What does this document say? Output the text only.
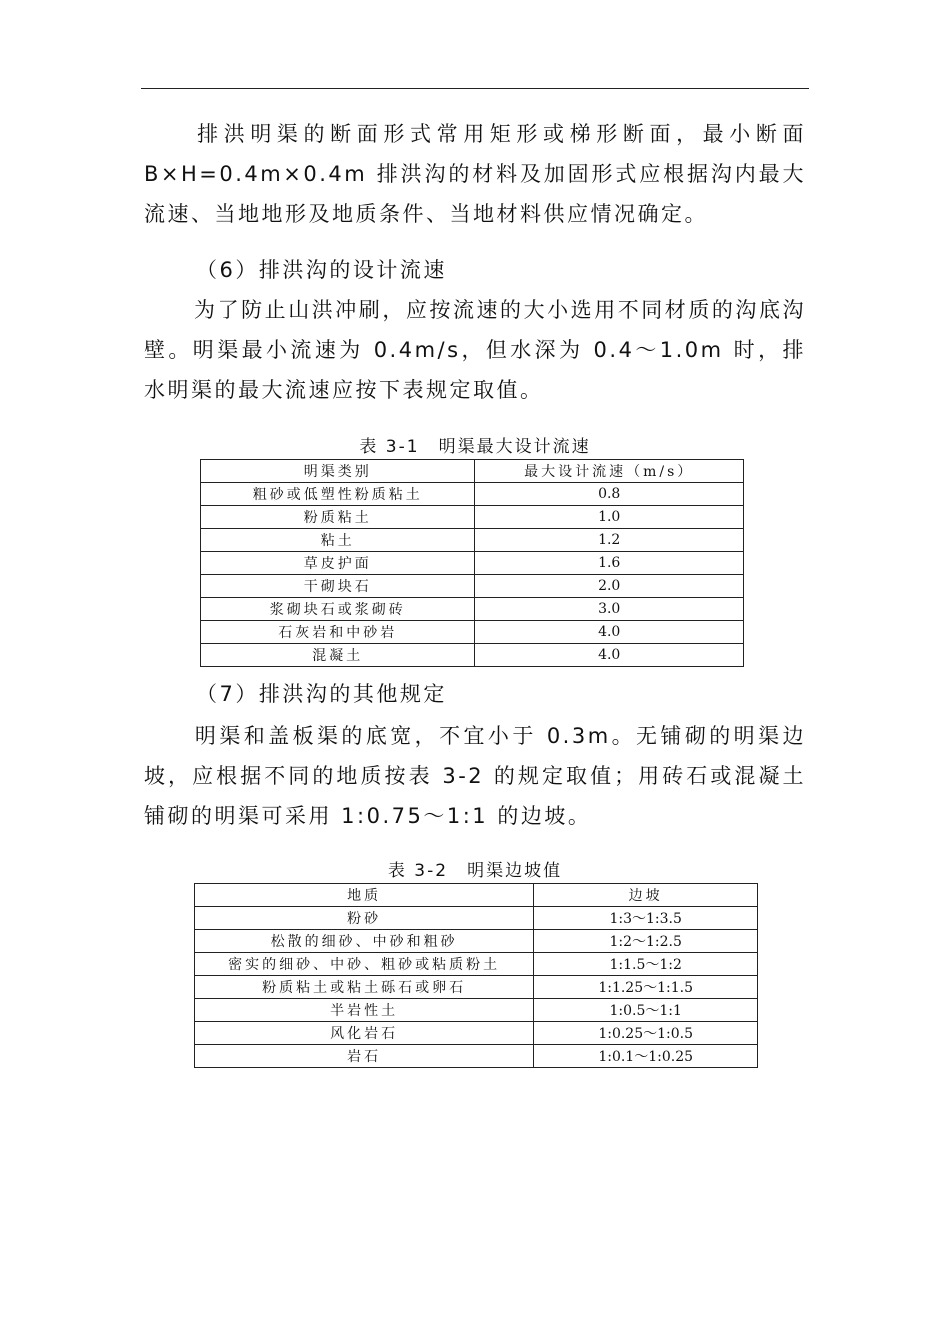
排洪明渠的断面形式常用矩形或梯形断面，最小断面 B×H=0.4m×0.4m 排洪沟的材料及加固形式应根据沟内最大流速、当地地形及地质条件、当地材料供应情况确定。

（6）排洪沟的设计流速

为了防止山洪冲刷，应按流速的大小选用不同材质的沟底沟壁。明渠最小流速为 0.4m/s，但水深为 0.4～1.0m 时，排水明渠的最大流速应按下表规定取值。

表 3-1　明渠最大设计流速

明渠类别	最大设计流速（m/s）
粗砂或低塑性粉质粘土	0.8
粉质粘土	1.0
粘土	1.2
草皮护面	1.6
干砌块石	2.0
浆砌块石或浆砌砖	3.0
石灰岩和中砂岩	4.0
混凝土	4.0

（7）排洪沟的其他规定

明渠和盖板渠的底宽，不宜小于 0.3m。无铺砌的明渠边坡，应根据不同的地质按表 3-2 的规定取值；用砖石或混凝土铺砌的明渠可采用 1:0.75～1:1 的边坡。

表 3-2　明渠边坡值

地质	边坡
粉砂	1:3～1:3.5
松散的细砂、中砂和粗砂	1:2～1:2.5
密实的细砂、中砂、粗砂或粘质粉土	1:1.5～1:2
粉质粘土或粘土砾石或卵石	1:1.25～1:1.5
半岩性土	1:0.5～1:1
风化岩石	1:0.25～1:0.5
岩石	1:0.1～1:0.25
